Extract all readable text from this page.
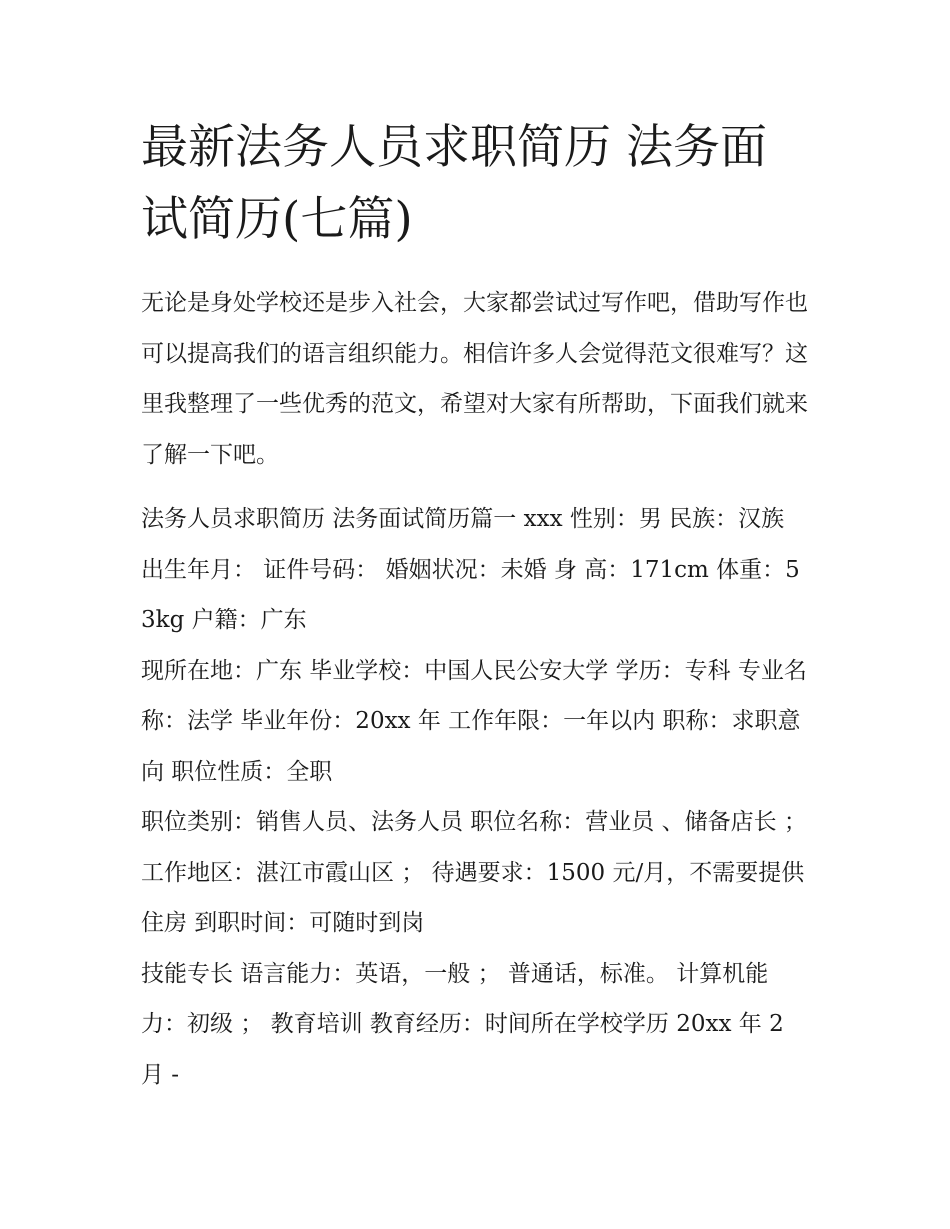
最新法务人员求职简历 法务面试简历(七篇)

无论是身处学校还是步入社会，大家都尝试过写作吧，借助写作也可以提高我们的语言组织能力。相信许多人会觉得范文很难写？这里我整理了一些优秀的范文，希望对大家有所帮助，下面我们就来了解一下吧。

法务人员求职简历 法务面试简历篇一 xxx 性别：男 民族：汉族 出生年月： 证件号码： 婚姻状况：未婚 身 高：171cm 体重：53kg 户籍：广东

现所在地：广东 毕业学校：中国人民公安大学 学历：专科 专业名称：法学 毕业年份：20xx 年 工作年限：一年以内 职称：求职意向 职位性质：全职

职位类别：销售人员、法务人员 职位名称：营业员 、储备店长 ； 工作地区：湛江市霞山区 ； 待遇要求：1500 元/月，不需要提供住房 到职时间：可随时到岗

技能专长 语言能力：英语，一般 ； 普通话，标准。 计算机能力：初级 ； 教育培训 教育经历：时间所在学校学历 20xx 年 2 月 -
